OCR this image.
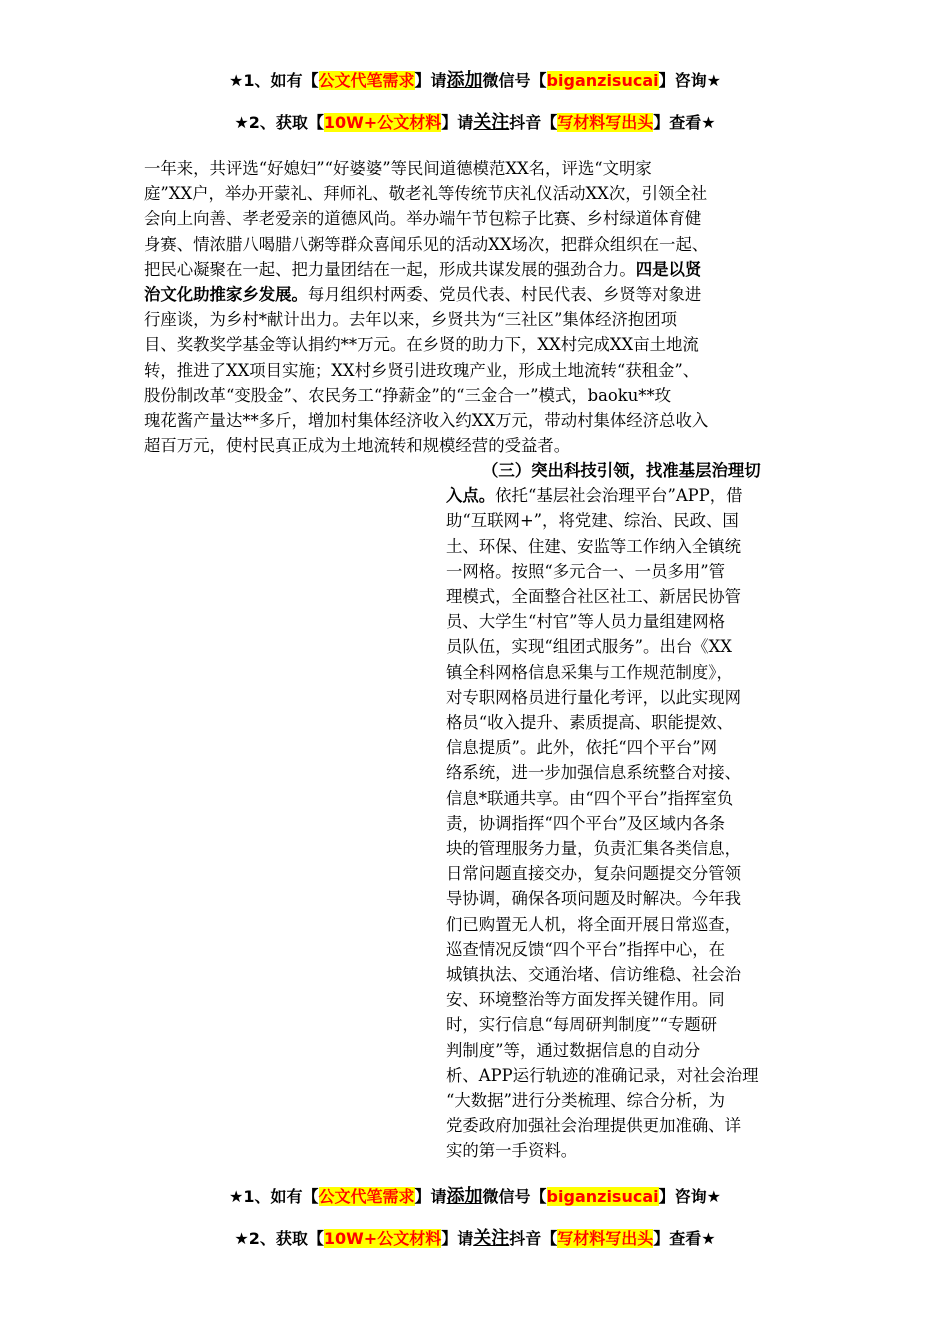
★1、如有【公文代笔需求】请添加微信号【biganzisucai】咨询★
★2、获取【10W+公文材料】请关注抖音【写材料写出头】查看★
一年来，共评选“好媳妇”“好婆婆”等民间道德模范XX名，评选“文明家
庭”XX户，举办开蒙礼、拜师礼、敬老礼等传统节庆礼仪活动XX次，引领全社
会向上向善、孝老爱亲的道德风尚。举办端午节包粽子比赛、乡村绿道体育健
身赛、情浓腊八喝腊八粥等群众喜闻乐见的活动XX场次，把群众组织在一起、
把民心凝聚在一起、把力量团结在一起，形成共谋发展的强劲合力。四是以贤
治文化助推家乡发展。每月组织村两委、党员代表、村民代表、乡贤等对象进
行座谈，为乡村*献计出力。去年以来，乡贤共为“三社区”集体经济抱团项
目、奖教奖学基金等认捐约**万元。在乡贤的助力下，XX村完成XX亩土地流
转，推进了XX项目实施；XX村乡贤引进玫瑰产业，形成土地流转“获租金”、
股份制改革“变股金”、农民务工“挣薪金”的“三金合一”模式，baoku**玫
瑰花酱产量达**多斤，增加村集体经济收入约XX万元，带动村集体经济总收入
超百万元，使村民真正成为土地流转和规模经营的受益者。
（三）突出科技引领，找准基层治理切
入点。依托“基层社会治理平台”APP，借
助“互联网+”，将党建、综治、民政、国
土、环保、住建、安监等工作纳入全镇统
一网格。按照“多元合一、一员多用”管
理模式，全面整合社区社工、新居民协管
员、大学生“村官”等人员力量组建网格
员队伍，实现“组团式服务”。出台《XX
镇全科网格信息采集与工作规范制度》，
对专职网格员进行量化考评，以此实现网
格员“收入提升、素质提高、职能提效、
信息提质”。此外，依托“四个平台”网
络系统，进一步加强信息系统整合对接、
信息*联通共享。由“四个平台”指挥室负
责，协调指挥“四个平台”及区域内各条
块的管理服务力量，负责汇集各类信息，
日常问题直接交办，复杂问题提交分管领
导协调，确保各项问题及时解决。今年我
们已购置无人机，将全面开展日常巡查，
巡查情况反馈“四个平台”指挥中心，在
城镇执法、交通治堵、信访维稳、社会治
安、环境整治等方面发挥关键作用。同
时，实行信息“每周研判制度”“专题研
判制度”等，通过数据信息的自动分
析、APP运行轨迹的准确记录，对社会治理
“大数据”进行分类梳理、综合分析，为
党委政府加强社会治理提供更加准确、详
实的第一手资料。
★1、如有【公文代笔需求】请添加微信号【biganzisucai】咨询★
★2、获取【10W+公文材料】请关注抖音【写材料写出头】查看★
